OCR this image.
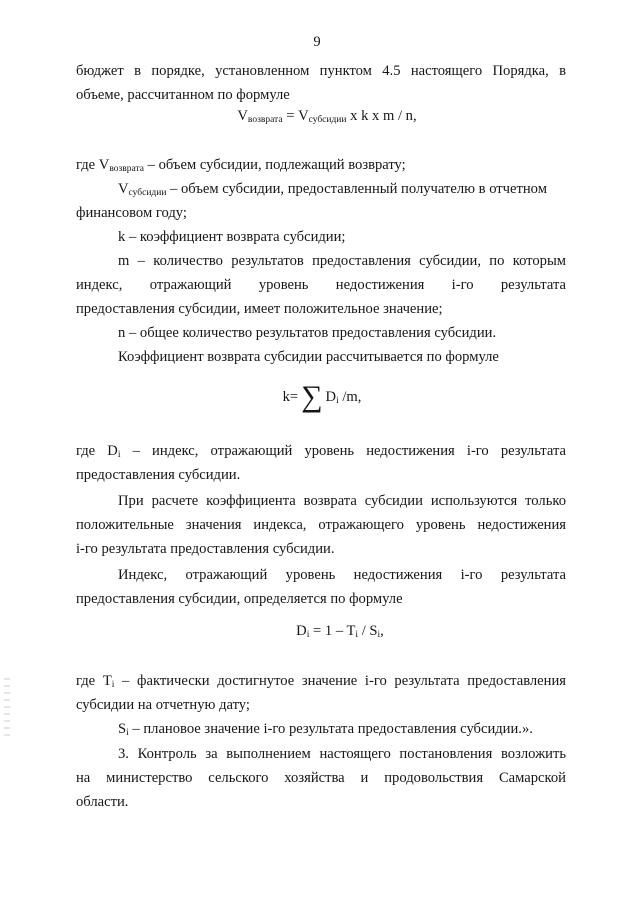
9
бюджет в порядке, установленном пунктом 4.5 настоящего Порядка, в
объеме, рассчитанном по формуле
$V_{возврата} = V_{субсидии}$ x k x m / n,
где $V_{возврата}$ – объем субсидии, подлежащий возврату;
$V_{субсидии}$ – объем субсидии, предоставленный получателю в отчетном
финансовом году;
k – коэффициент возврата субсидии;
m – количество результатов предоставления субсидии, по которым
индекс, отражающий уровень недостижения i-го результата
предоставления субсидии, имеет положительное значение;
n – общее количество результатов предоставления субсидии.
Коэффициент возврата субсидии рассчитывается по формуле
k= ∑ $D_i$ /m,
где $D_i$ – индекс, отражающий уровень недостижения i-го результата
предоставления субсидии.
При расчете коэффициента возврата субсидии используются только
положительные значения индекса, отражающего уровень недостижения
i-го результата предоставления субсидии.
Индекс, отражающий уровень недостижения i-го результата
предоставления субсидии, определяется по формуле
$D_i = 1 - T_i / S_i$,
где $T_i$ – фактически достигнутое значение i-го результата предоставления
субсидии на отчетную дату;
$S_i$ – плановое значение i-го результата предоставления субсидии.».
3. Контроль за выполнением настоящего постановления возложить
на министерство сельского хозяйства и продовольствия Самарской
области.
